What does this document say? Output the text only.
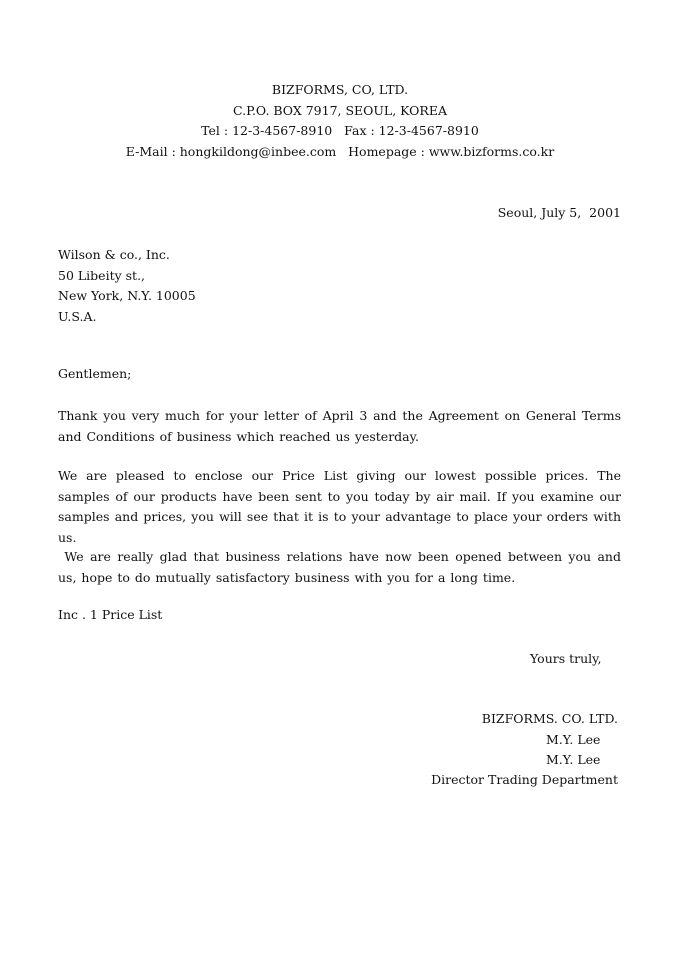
BIZFORMS, CO, LTD.
C.P.O. BOX 7917, SEOUL, KOREA
Tel : 12-3-4567-8910   Fax : 12-3-4567-8910
E-Mail : hongkildong@inbee.com   Homepage : www.bizforms.co.kr
Seoul, July 5,  2001
Wilson & co., Inc.
50 Libeity st.,
New York, N.Y. 10005
U.S.A.
Gentlemen;
Thank you very much for your letter of April 3 and the Agreement on General Terms and Conditions of business which reached us yesterday.
We are pleased to enclose our Price List giving our lowest possible prices. The samples of our products have been sent to you today by air mail. If you examine our samples and prices, you will see that it is to your advantage to place your orders with us.
We are really glad that business relations have now been opened between you and us, hope to do mutually satisfactory business with you for a long time.
Inc . 1 Price List
Yours truly,
BIZFORMS. CO. LTD.
M.Y. Lee
M.Y. Lee
Director Trading Department
